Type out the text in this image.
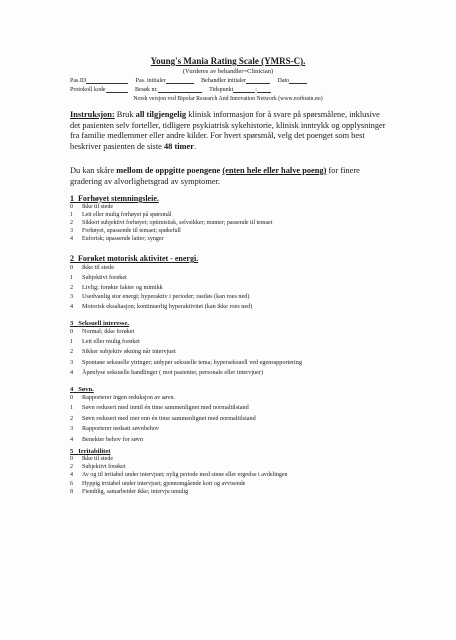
Young's Mania Rating Scale (YMRS-C).
(Vurderes av behandler=Clinician)
Pas.ID	Pas. initialer	Behandler initialer	Dato
Protokoll kode	Besøk nr.	Tidspunkt	:
Norsk versjon ved Bipolar Research And Innovation Network (www.norbrain.no)
Instruksjon: Bruk all tilgjengelig klinisk informasjon for å svare på spørsmålene, inklusive det pasienten selv forteller, tidligere psykiatrisk sykehistorie, klinisk inntrykk og opplysninger fra familie medlemmer eller andre kilder. For hvert spørsmål, velg det poenget som best beskriver pasienten de siste 48 timer.
Du kan skåre mellom de oppgitte poengene (enten hele eller halve poeng) for finere gradering av alvorlighetsgrad av symptomer.
1 Forhøyet stemningsleie.
0	Ikke til stede
1	Lett eller mulig forhøyet på spørsmål
2	Sikkert subjektivt forhøyet; optimistisk, selvsikker; munter; passende til temaet
3	Forhøyet, upassende til temaet; spøkefull
4	Euforisk; upassende latter; synger
2 Forøket motorisk aktivitet - energi.
0	Ikke til stede
1	Subjektivt forøket
2	Livlig; forøkte fakter og mimikk
3	Usedvanlig stor energi; hyperaktiv i perioder; rastløs (kan roes ned)
4	Motorisk eksaltasjon; kontinuerlig hyperaktivitet (kan ikke roes ned)
3 Seksuell interesse.
0	Normal; ikke forøket
1	Lett eller mulig forøket
2	Sikker subjektiv økning når intervjuet
3	Spontane seksuelle ytringer; utdyper seksuelle tema; hyperseksuell ved egenrapportering
4	Åpenlyse seksuelle handlinger ( mot pasienter, personale eller intervjuer)
4 Søvn.
0	Rapporterer ingen reduksjon av søvn.
1	Søvn redusert med inntil én time sammenlignet med normaltilstand
2	Søvn redusert med mer enn én time sammenlignet med normaltilstand
3	Rapporterer nedsatt søvnbehov
4	Benekter behov for søvn
5 Irritabilitet
0	Ikke til stede
2	Subjektivt forøket
4	Av og til irritabel under intervjuet; nylig periode med sinne eller ergrelse i avdelingen
6	Hyppig irritabel under intervjuet; gjennomgående kort og avvisende
8	Fiendtlig, samarbeider ikke; intervju umulig
